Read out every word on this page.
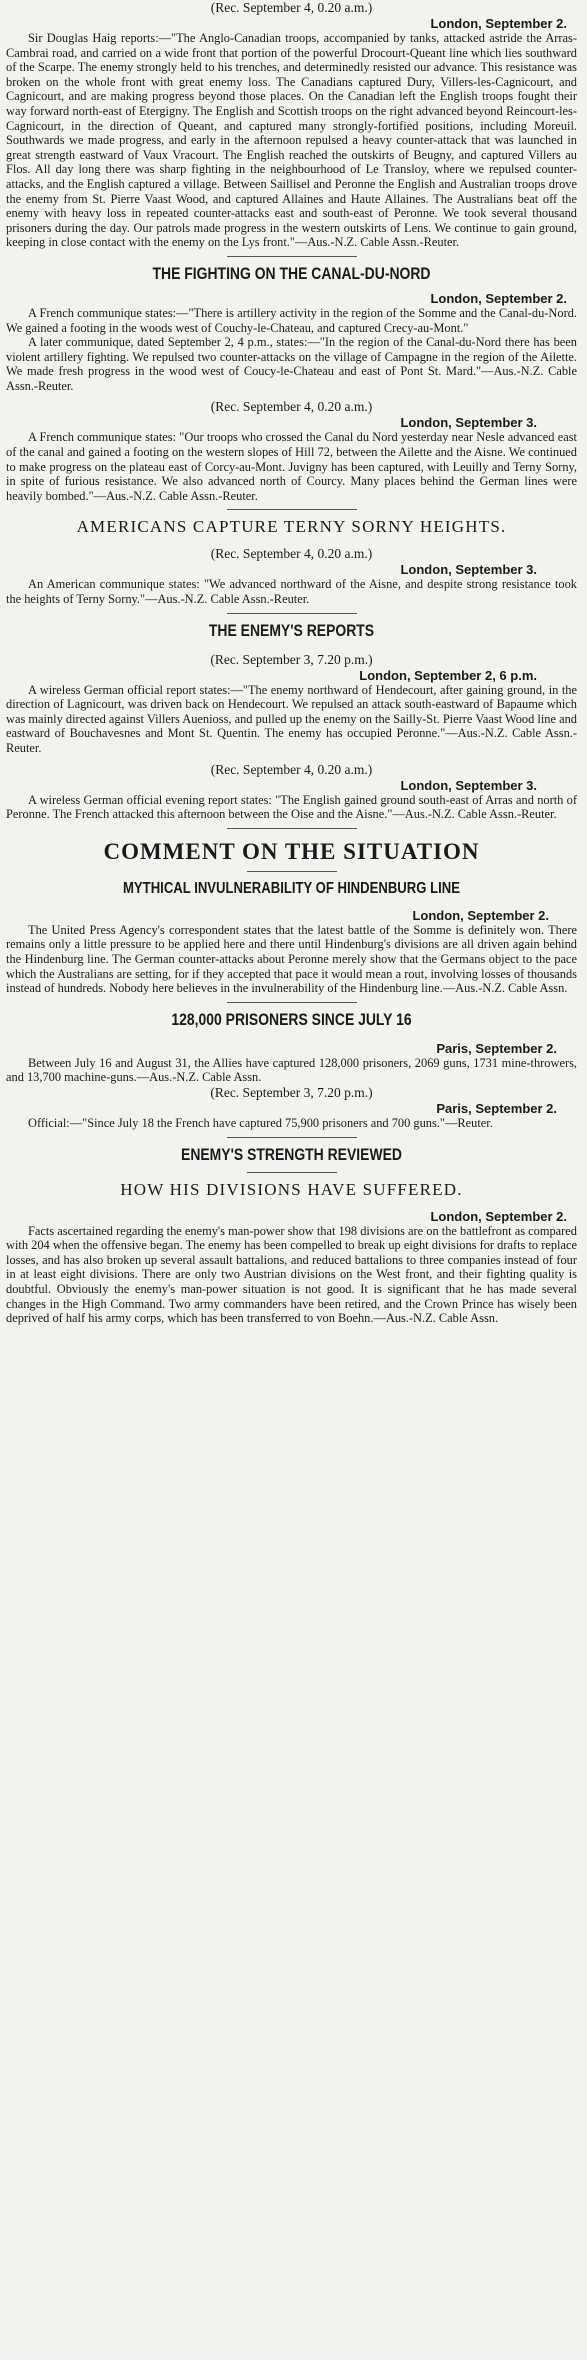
(Rec. September 4, 0.20 a.m.)
London, September 2.

Sir Douglas Haig reports:—"The Anglo-Canadian troops, accompanied by tanks, attacked astride the Arras-Cambrai road, and carried on a wide front that portion of the powerful Drocourt-Queant line which lies southward of the Scarpe. The enemy strongly held to his trenches, and determinedly resisted our advance. This resistance was broken on the whole front with great enemy loss. The Canadians captured Dury, Villers-les-Cagnicourt, and Cagnicourt, and are making progress beyond those places. On the Canadian left the English troops fought their way forward north-east of Etergigny. The English and Scottish troops on the right advanced beyond Reincourt-les-Cagnicourt, in the direction of Queant, and captured many strongly-fortified positions, including Moreuil. Southwards we made progress, and early in the afternoon repulsed a heavy counter-attack that was launched in great strength eastward of Vaux Vracourt. The English reached the outskirts of Beugny, and captured Villers au Flos. All day long there was sharp fighting in the neighbourhood of Le Transloy, where we repulsed counter-attacks, and the English captured a village. Between Saillisel and Peronne the English and Australian troops drove the enemy from St. Pierre Vaast Wood, and captured Allaines and Haute Allaines. The Australians beat off the enemy with heavy loss in repeated counter-attacks east and south-east of Peronne. We took several thousand prisoners during the day. Our patrols made progress in the western outskirts of Lens. We continue to gain ground, keeping in close contact with the enemy on the Lys front."—Aus.-N.Z. Cable Assn.-Reuter.

THE FIGHTING ON THE CANAL-DU-NORD
London, September 2.

A French communique states:—"There is artillery activity in the region of the Somme and the Canal-du-Nord. We gained a footing in the woods west of Couchy-le-Chateau, and captured Crecy-au-Mont."

A later communique, dated September 2, 4 p.m., states:—"In the region of the Canal-du-Nord there has been violent artillery fighting. We repulsed two counter-attacks on the village of Campagne in the region of the Ailette. We made fresh progress in the wood west of Coucy-le-Chateau and east of Pont St. Mard."—Aus.-N.Z. Cable Assn.-Reuter.

(Rec. September 4, 0.20 a.m.)
London, September 3.

A French communique states: "Our troops who crossed the Canal du Nord yesterday near Nesle advanced east of the canal and gained a footing on the western slopes of Hill 72, between the Ailette and the Aisne. We continued to make progress on the plateau east of Corcy-au-Mont. Juvigny has been captured, with Leuilly and Terny Sorny, in spite of furious resistance. We also advanced north of Courcy. Many places behind the German lines were heavily bombed."—Aus.-N.Z. Cable Assn.-Reuter.

AMERICANS CAPTURE TERNY SORNY HEIGHTS.
(Rec. September 4, 0.20 a.m.)
London, September 3.

An American communique states: "We advanced northward of the Aisne, and despite strong resistance took the heights of Terny Sorny."—Aus.-N.Z. Cable Assn.-Reuter.

THE ENEMY'S REPORTS
(Rec. September 3, 7.20 p.m.)
London, September 2, 6 p.m.

A wireless German official report states:—"The enemy northward of Hendecourt, after gaining ground, in the direction of Lagnicourt, was driven back on Hendecourt. We repulsed an attack south-eastward of Bapaume which was mainly directed against Villers Auenioss, and pulled up the enemy on the Sailly-St. Pierre Vaast Wood line and eastward of Bouchavesnes and Mont St. Quentin. The enemy has occupied Peronne."—Aus.-N.Z. Cable Assn.-Reuter.

(Rec. September 4, 0.20 a.m.)
London, September 3.

A wireless German official evening report states: "The English gained ground south-east of Arras and north of Peronne. The French attacked this afternoon between the Oise and the Aisne."—Aus.-N.Z. Cable Assn.-Reuter.

COMMENT ON THE SITUATION
MYTHICAL INVULNERABILITY OF HINDENBURG LINE
London, September 2.

The United Press Agency's correspondent states that the latest battle of the Somme is definitely won. There remains only a little pressure to be applied here and there until Hindenburg's divisions are all driven again behind the Hindenburg line. The German counter-attacks about Peronne merely show that the Germans object to the pace which the Australians are setting, for if they accepted that pace it would mean a rout, involving losses of thousands instead of hundreds. Nobody here believes in the invulnerability of the Hindenburg line.—Aus.-N.Z. Cable Assn.

128,000 PRISONERS SINCE JULY 16
Paris, September 2.

Between July 16 and August 31, the Allies have captured 128,000 prisoners, 2069 guns, 1731 mine-throwers, and 13,700 machine-guns.—Aus.-N.Z. Cable Assn.

(Rec. September 3, 7.20 p.m.)
Paris, September 2.

Official:—"Since July 18 the French have captured 75,900 prisoners and 700 guns."—Reuter.

ENEMY'S STRENGTH REVIEWED
HOW HIS DIVISIONS HAVE SUFFERED.
London, September 2.

Facts ascertained regarding the enemy's man-power show that 198 divisions are on the battlefront as compared with 204 when the offensive began. The enemy has been compelled to break up eight divisions for drafts to replace losses, and has also broken up several assault battalions, and reduced battalions to three companies instead of four in at least eight divisions. There are only two Austrian divisions on the West front, and their fighting quality is doubtful. Obviously the enemy's man-power situation is not good. It is significant that he has made several changes in the High Command. Two army commanders have been retired, and the Crown Prince has wisely been deprived of half his army corps, which has been transferred to von Boehn.—Aus.-N.Z. Cable Assn.
